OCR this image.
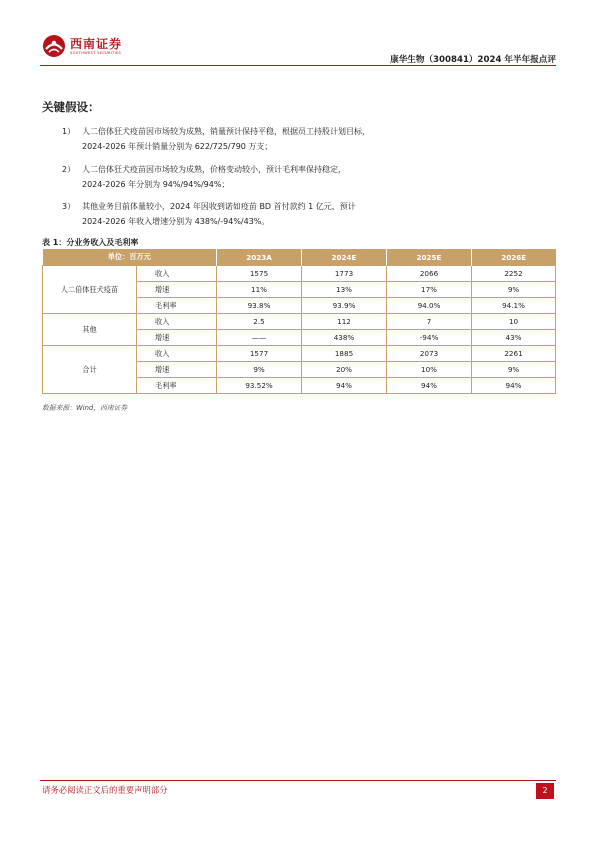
西南证券
SOUTHWEST SECURITIES
康华生物（300841）2024 年半年报点评
关键假设：
1） 人二倍体狂犬疫苗因市场较为成熟，销量预计保持平稳，根据员工持股计划目标，
2024-2026 年预计销量分别为 622/725/790 万支；
2） 人二倍体狂犬疫苗因市场较为成熟，价格变动较小，预计毛利率保持稳定，
2024-2026 年分别为 94%/94%/94%；
3） 其他业务目前体量较小，2024 年因收到诺如疫苗 BD 首付款约 1 亿元，预计
2024-2026 年收入增速分别为 438%/-94%/43%。
表 1：分业务收入及毛利率
单位：百万元		2023A	2024E	2025E	2026E
人二倍体狂犬疫苗	收入	1575	1773	2066	2252
	增速	11%	13%	17%	9%
	毛利率	93.8%	93.9%	94.0%	94.1%
其他	收入	2.5	112	7	10
	增速	——	438%	-94%	43%
合计	收入	1577	1885	2073	2261
	增速	9%	20%	10%	9%
	毛利率	93.52%	94%	94%	94%
数据来源：Wind，西南证券
请务必阅读正文后的重要声明部分	2
